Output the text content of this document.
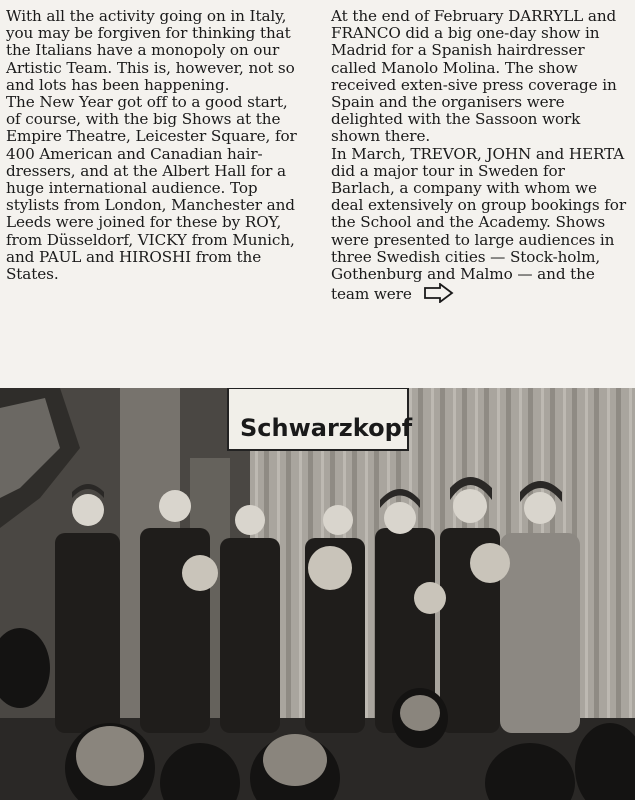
With all the activity going on in Italy, you may be forgiven for thinking that the Italians have a monopoly on our Artistic Team. This is, however, not so and lots has been happening.

The New Year got off to a good start, of course, with the big Shows at the Empire Theatre, Leicester Square, for 400 American and Canadian hair-dressers, and at the Albert Hall for a huge international audience. Top stylists from London, Manchester and Leeds were joined for these by ROY, from Düsseldorf, VICKY from Munich, and PAUL and HIROSHI from the States.

At the end of February DARRYLL and FRANCO did a big one-day show in Madrid for a Spanish hairdresser called Manolo Molina. The show received exten-sive press coverage in Spain and the organisers were delighted with the Sassoon work shown there.

In March, TREVOR, JOHN and HERTA did a major tour in Sweden for Barlach, a company with whom we deal extensively on group bookings for the School and the Academy. Shows were presented to large audiences in three Swedish cities — Stock-holm, Gothenburg and Malmo — and the team were

Schwarzkopf
